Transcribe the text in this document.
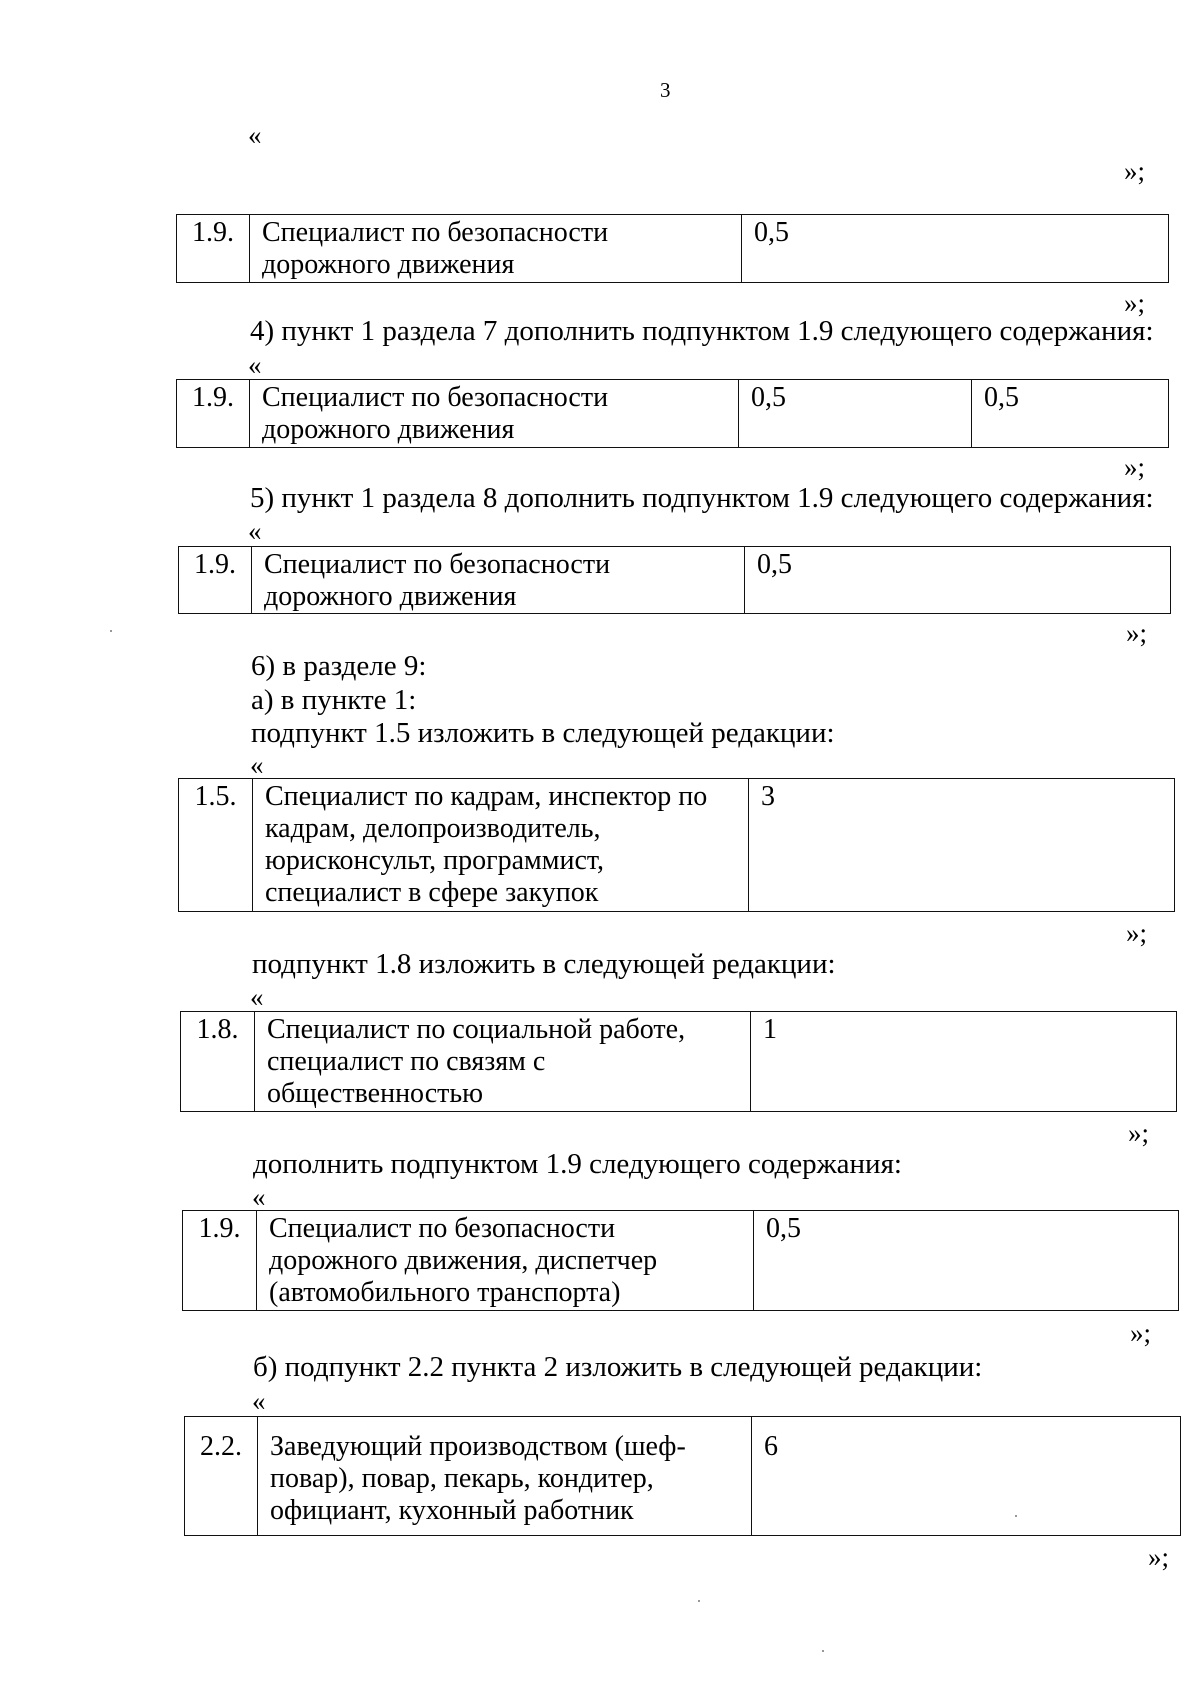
3
«
»;
1.9.	Специалист по безопасности
дорожного движения
	0,5
»;
4) пункт 1 раздела 7 дополнить подпунктом 1.9 следующего содержания:
«
1.9.	Специалист по безопасности
дорожного движения
	0,5	0,5
»;
5) пункт 1 раздела 8 дополнить подпунктом 1.9 следующего содержания:
«
1.9.	Специалист по безопасности
дорожного движения
	0,5
»;
6) в разделе 9:
а) в пункте 1:
подпункт 1.5 изложить в следующей редакции:
«
1.5.	Специалист по кадрам, инспектор по
кадрам, делопроизводитель,
юрисконсульт, программист,
специалист в сфере закупок
	3
»;
подпункт 1.8 изложить в следующей редакции:
«
1.8.	Специалист по социальной работе,
специалист по связям с
общественностью
	1
»;
дополнить подпунктом 1.9 следующего содержания:
«
1.9.	Специалист по безопасности
дорожного движения, диспетчер
(автомобильного транспорта)
	0,5
»;
б) подпункт 2.2 пункта 2 изложить в следующей редакции:
«
2.2.	Заведующий производством (шеф-
повар), повар, пекарь, кондитер,
официант, кухонный работник
	6
»;
